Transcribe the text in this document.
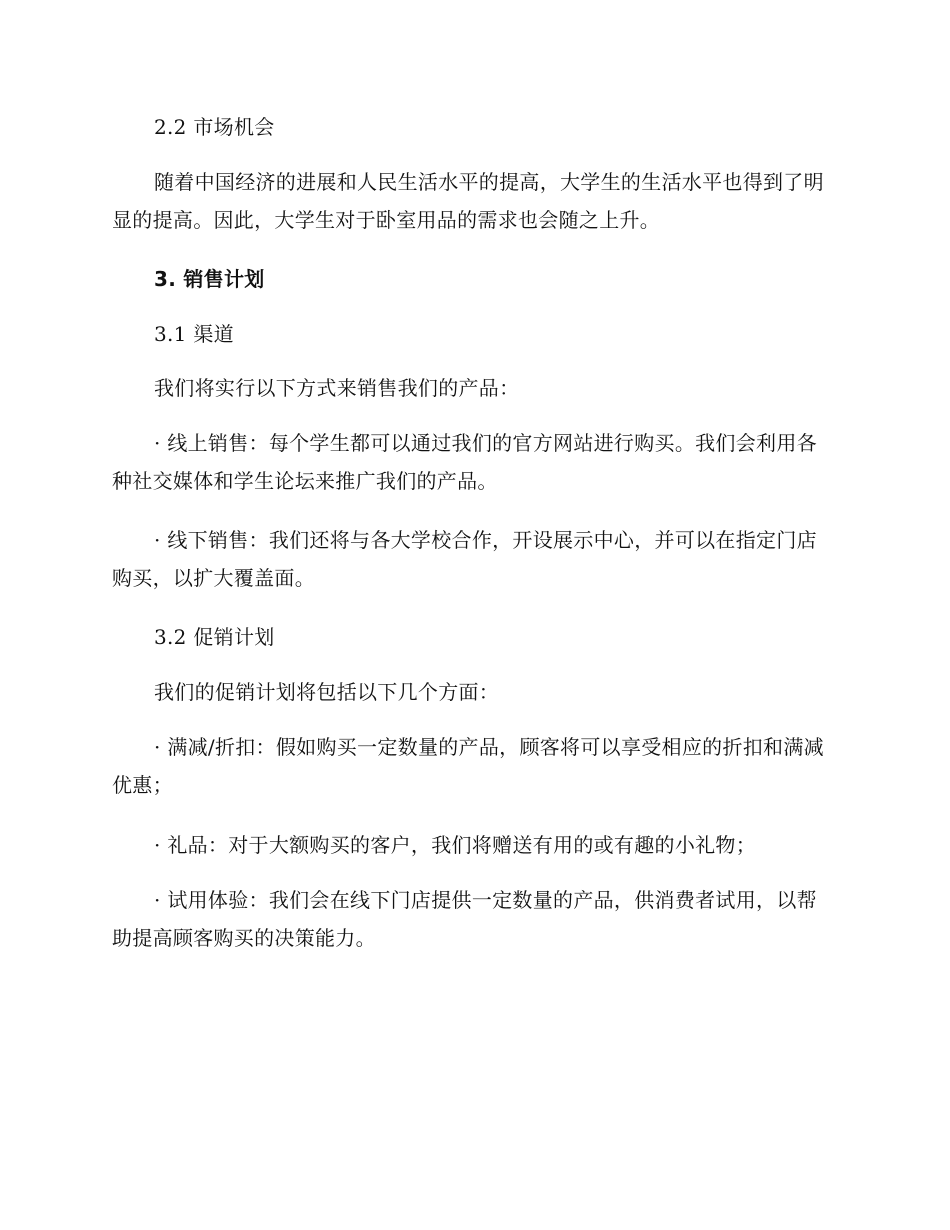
2.2 市场机会

随着中国经济的进展和人民生活水平的提高，大学生的生活水平也得到了明显的提高。因此，大学生对于卧室用品的需求也会随之上升。

3. 销售计划

3.1 渠道

我们将实行以下方式来销售我们的产品：

· 线上销售：每个学生都可以通过我们的官方网站进行购买。我们会利用各种社交媒体和学生论坛来推广我们的产品。

· 线下销售：我们还将与各大学校合作，开设展示中心，并可以在指定门店购买，以扩大覆盖面。

3.2 促销计划

我们的促销计划将包括以下几个方面：

· 满减/折扣：假如购买一定数量的产品，顾客将可以享受相应的折扣和满减优惠；

· 礼品：对于大额购买的客户，我们将赠送有用的或有趣的小礼物；

· 试用体验：我们会在线下门店提供一定数量的产品，供消费者试用，以帮助提高顾客购买的决策能力。
